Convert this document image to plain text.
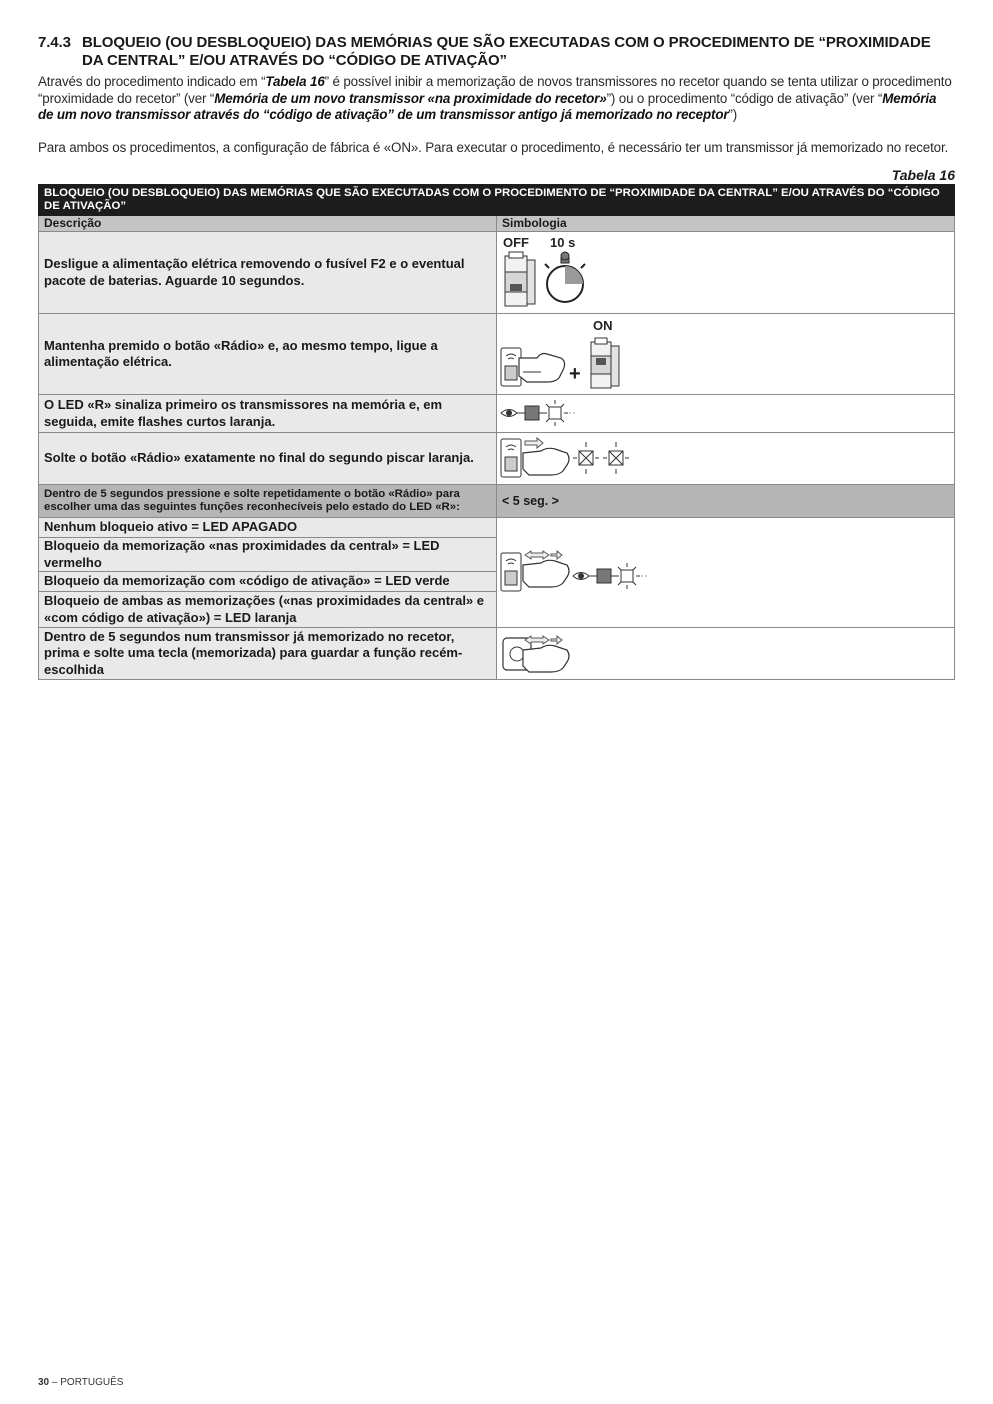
7.4.3 BLOQUEIO (OU DESBLOQUEIO) DAS MEMÓRIAS QUE SÃO EXECUTADAS COM O PROCEDIMENTO DE “PROXIMIDADE DA CENTRAL” E/OU ATRAVÉS DO “CÓDIGO DE ATIVAÇÃO”
Através do procedimento indicado em “Tabela 16” é possível inibir a memorização de novos transmissores no recetor quando se tenta utilizar o procedimento “proximidade do recetor” (ver “Memória de um novo transmissor «na proximidade do recetor»”) ou o procedimento “código de ativação” (ver “Memória de um novo transmissor através do “código de ativação” de um transmissor antigo já memorizado no receptor”)
Para ambos os procedimentos, a configuração de fábrica é «ON». Para executar o procedimento, é necessário ter um transmissor já memorizado no recetor.
Tabela 16
BLOQUEIO (OU DESBLOQUEIO) DAS MEMÓRIAS QUE SÃO EXECUTADAS COM O PROCEDIMENTO DE “PROXIMIDADE DA CENTRAL” E/OU ATRAVÉS DO “CÓDIGO DE ATIVAÇÃO”	
Descrição	Simbologia
Desligue a alimentação elétrica removendo o fusível F2 e o eventual pacote de baterias. Aguarde 10 segundos.	OFF 10 s

Mantenha premido o botão «Rádio» e, ao mesmo tempo, ligue a alimentação elétrica.	+
ON

O LED «R» sinaliza primeiro os transmissores na memória e, em seguida, emite flashes curtos laranja.	

Solte o botão «Rádio» exatamente no final do segundo piscar laranja.	

Dentro de 5 segundos pressione e solte repetidamente o botão «Rádio» para escolher uma das seguintes funções reconhecíveis pelo estado do LED «R»:	< 5 seg. >
Nenhum bloqueio ativo = LED APAGADO	

Bloqueio da memorização «nas proximidades da central» = LED vermelho	
Bloqueio da memorização com «código de ativação» = LED verde	
Bloqueio de ambas as memorizações («nas proximidades da central» e «com código de ativação») = LED laranja	
Dentro de 5 segundos num transmissor já memorizado no recetor, prima e solte uma tecla (memorizada) para guardar a função recém-escolhida	
30 – PORTUGUÊS
